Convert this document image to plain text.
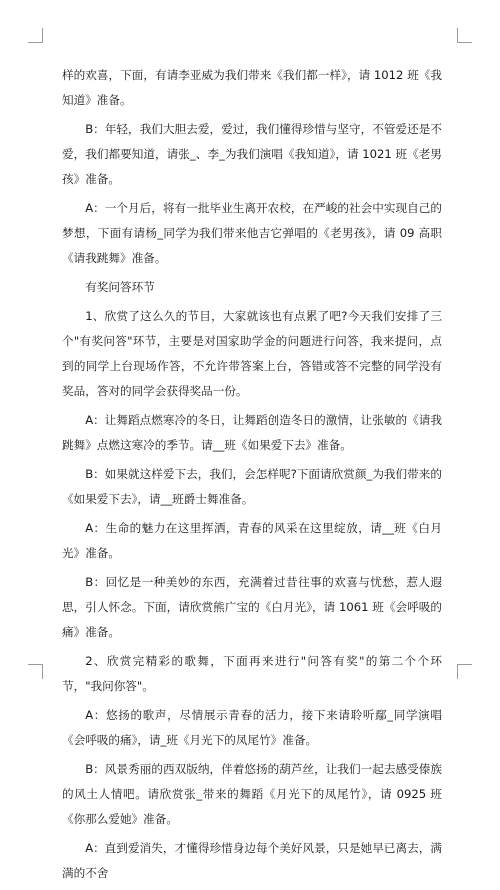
样的欢喜，下面，有请李亚威为我们带来《我们都一样》，请 1012 班《我知道》准备。

B：年轻，我们大胆去爱，爱过，我们懂得珍惜与坚守，不管爱还是不爱，我们都要知道，请张_、李_为我们演唱《我知道》，请 1021 班《老男孩》准备。

A：一个月后，将有一批毕业生离开农校，在严峻的社会中实现自己的梦想，下面有请杨_同学为我们带来他吉它弹唱的《老男孩》，请 09 高职《请我跳舞》准备。

有奖问答环节

1、欣赏了这么久的节目，大家就该也有点累了吧?今天我们安排了三个"有奖问答"环节，主要是对国家助学金的问题进行问答，我来提问，点到的同学上台现场作答，不允许带答案上台，答错或答不完整的同学没有奖品，答对的同学会获得奖品一份。

A：让舞蹈点燃寒冷的冬日，让舞蹈创造冬日的激情，让张敏的《请我跳舞》点燃这寒冷的季节。请__班《如果爱下去》准备。

B：如果就这样爱下去，我们，会怎样呢?下面请欣赏颜_为我们带来的《如果爱下去》，请__班爵士舞准备。

A：生命的魅力在这里挥洒，青春的风采在这里绽放，请__班《白月光》准备。

B：回忆是一种美妙的东西，充满着过昔往事的欢喜与忧愁，惹人遐思，引人怀念。下面，请欣赏熊广宝的《白月光》，请 1061 班《会呼吸的痛》准备。

2、欣赏完精彩的歌舞，下面再来进行"问答有奖"的第二个个环节，"我问你答"。

A：悠扬的歌声，尽情展示青春的活力，接下来请聆听鄢_同学演唱《会呼吸的痛》，请_班《月光下的凤尾竹》准备。

B：风景秀丽的西双版纳，伴着悠扬的葫芦丝，让我们一起去感受傣族的风土人情吧。请欣赏张_带来的舞蹈《月光下的凤尾竹》，请 0925 班《你那么爱她》准备。

A：直到爱消失，才懂得珍惜身边每个美好风景，只是她早已离去，满满的不舍
